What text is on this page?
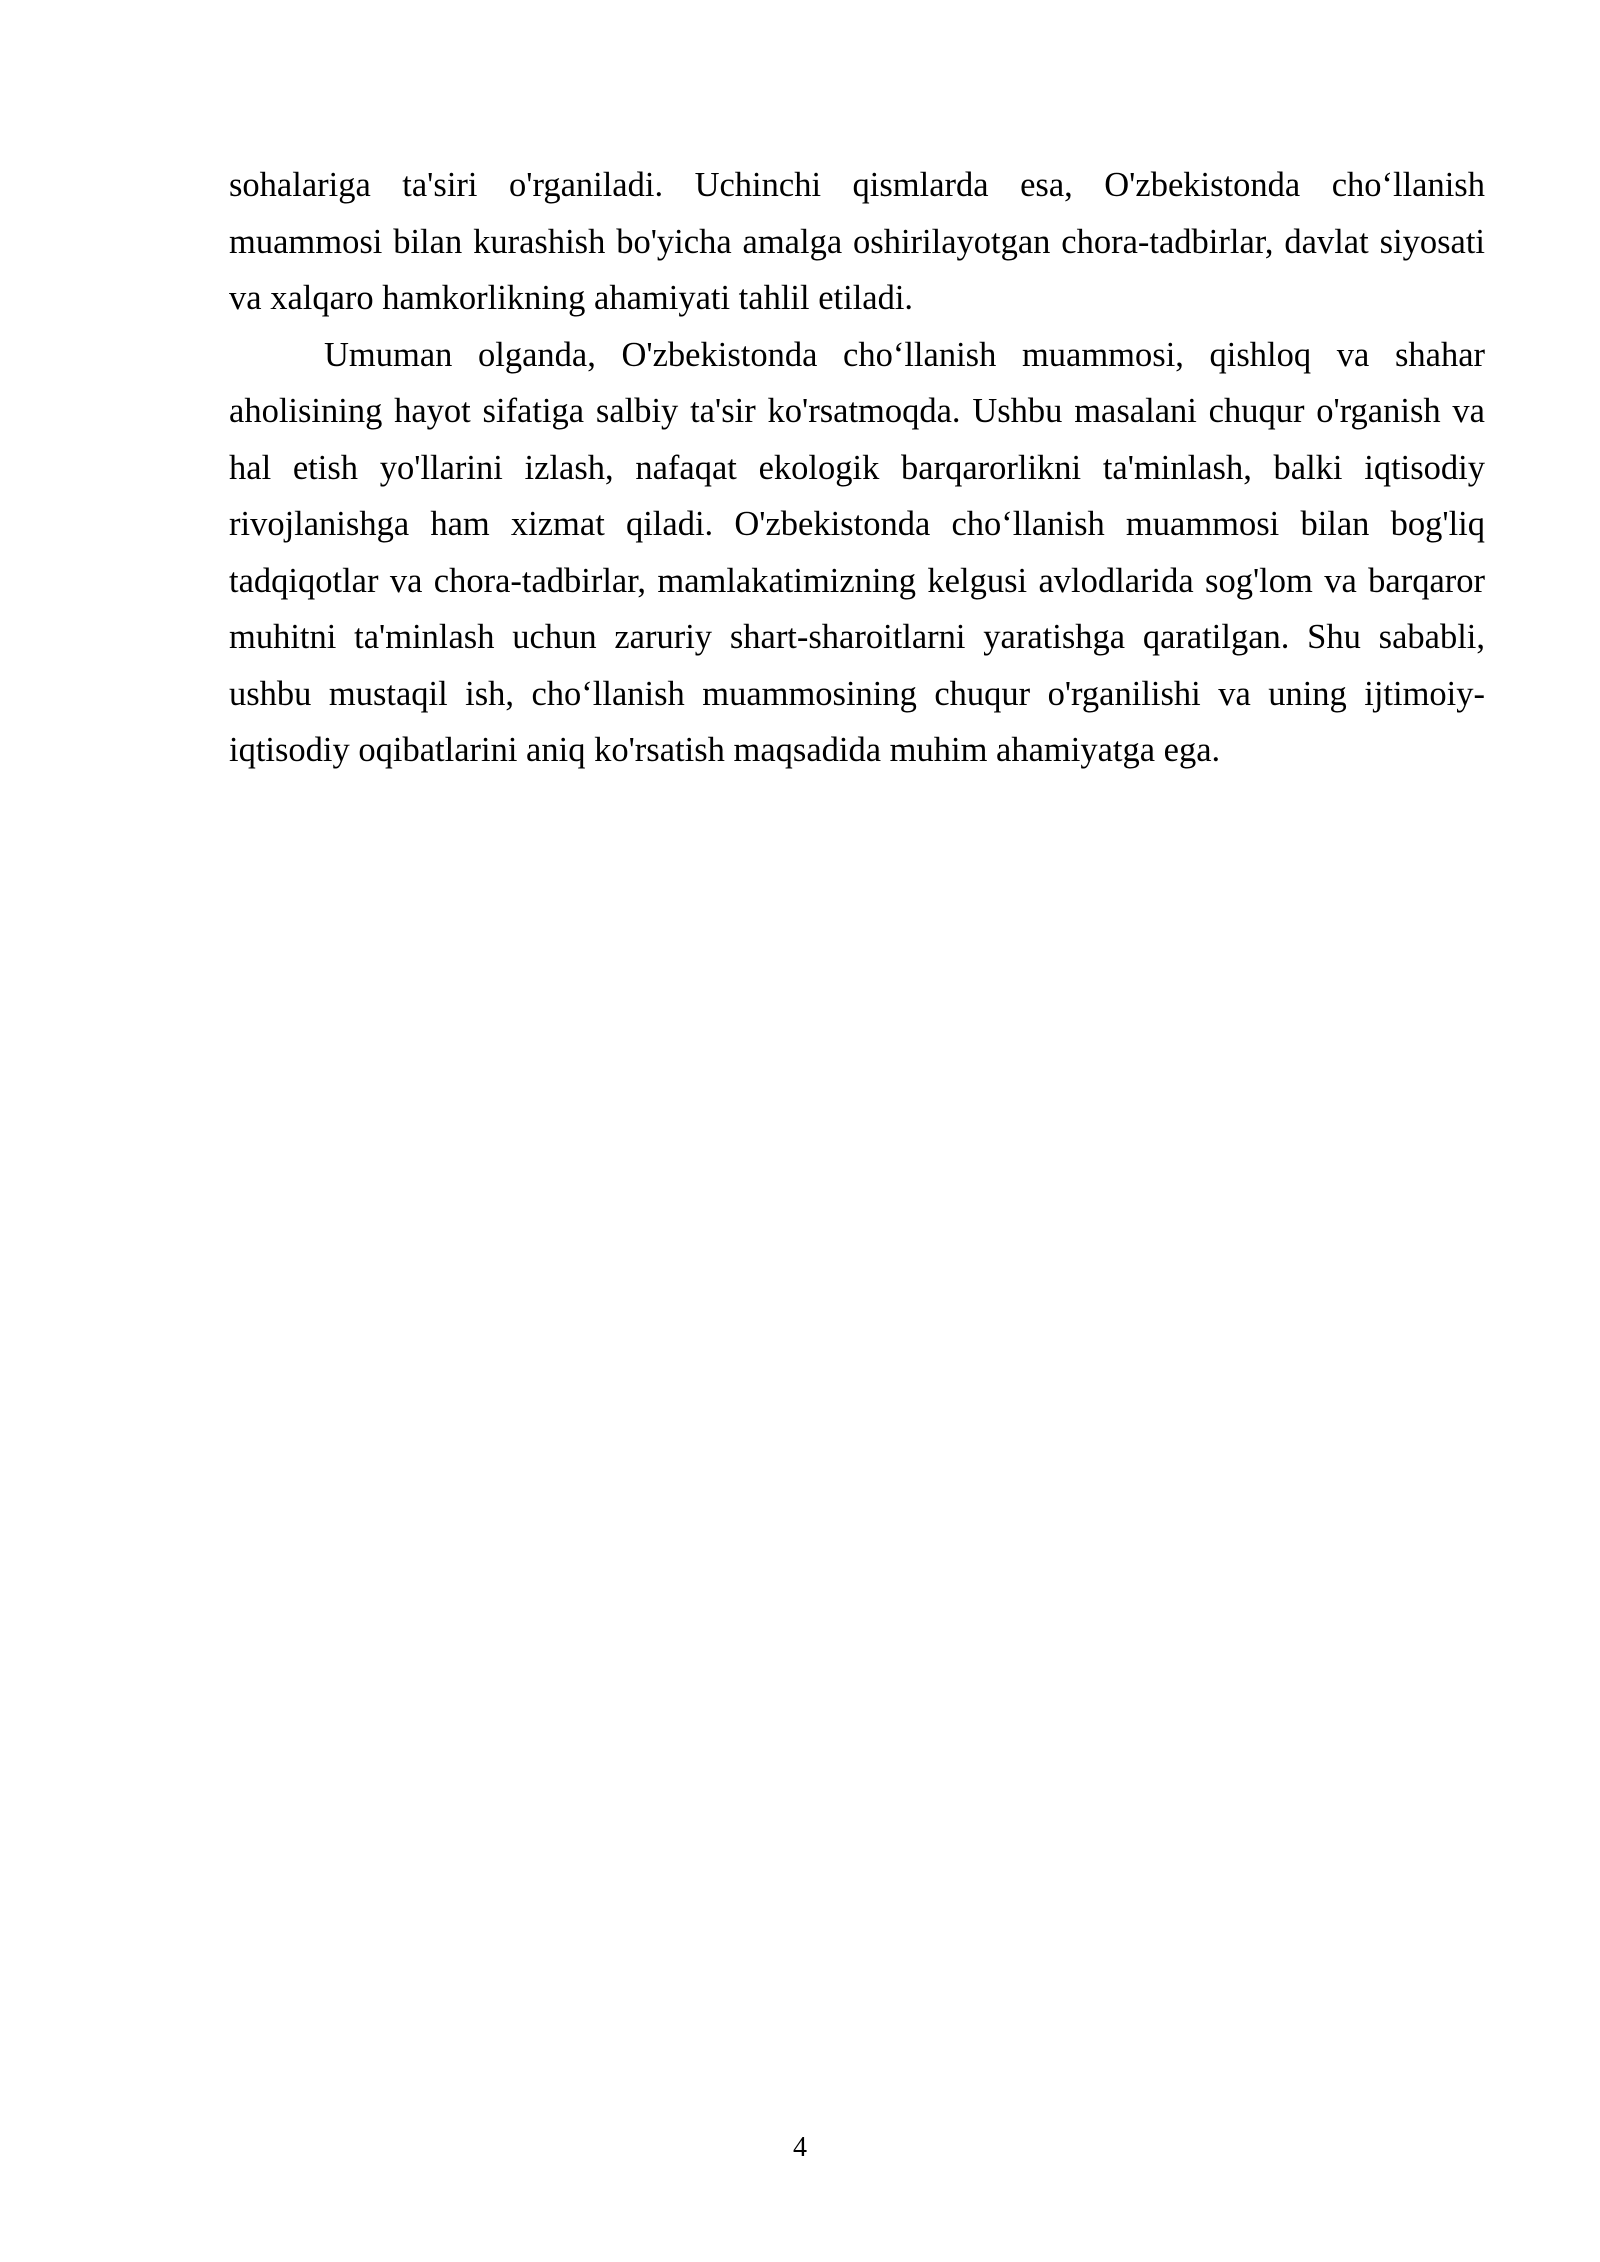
sohalariga ta'siri o'rganiladi. Uchinchi qismlarda esa, O'zbekistonda cho‘llanish muammosi bilan kurashish bo'yicha amalga oshirilayotgan chora-tadbirlar, davlat siyosati va xalqaro hamkorlikning ahamiyati tahlil etiladi.

Umuman olganda, O'zbekistonda cho‘llanish muammosi, qishloq va shahar aholisining hayot sifatiga salbiy ta'sir ko'rsatmoqda. Ushbu masalani chuqur o'rganish va hal etish yo'llarini izlash, nafaqat ekologik barqarorlikni ta'minlash, balki iqtisodiy rivojlanishga ham xizmat qiladi. O'zbekistonda cho‘llanish muammosi bilan bog'liq tadqiqotlar va chora-tadbirlar, mamlakatimizning kelgusi avlodlarida sog'lom va barqaror muhitni ta'minlash uchun zaruriy shart-sharoitlarni yaratishga qaratilgan. Shu sababli, ushbu mustaqil ish, cho‘llanish muammosining chuqur o'rganilishi va uning ijtimoiy-iqtisodiy oqibatlarini aniq ko'rsatish maqsadida muhim ahamiyatga ega.

4
